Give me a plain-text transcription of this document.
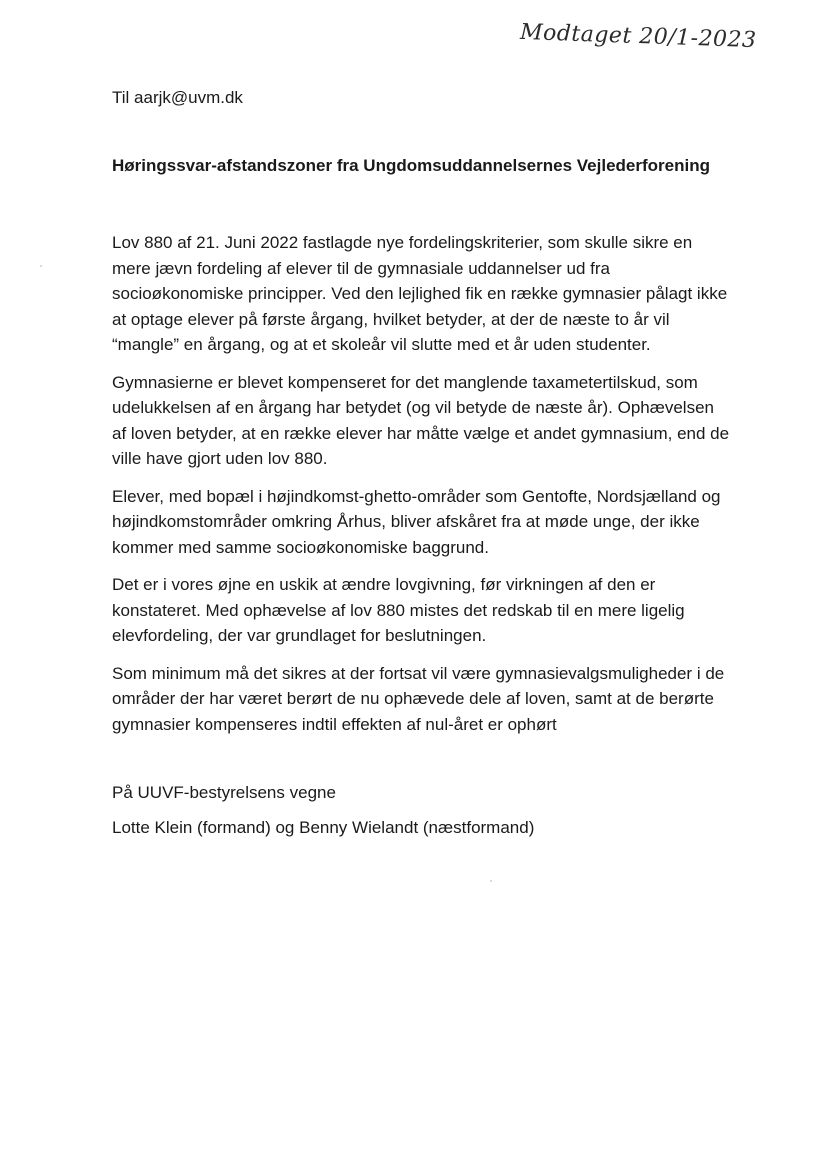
Modtaget 20/1-2023

Til aarjk@uvm.dk

Høringssvar-afstandszoner fra Ungdomsuddannelsernes Vejlederforening

Lov 880 af 21. Juni 2022 fastlagde nye fordelingskriterier, som skulle sikre en mere jævn fordeling af elever til de gymnasiale uddannelser ud fra socioøkonomiske principper. Ved den lejlighed fik en række gymnasier pålagt ikke at optage elever på første årgang, hvilket betyder, at der de næste to år vil “mangle” en årgang, og at et skoleår vil slutte med et år uden studenter.

Gymnasierne er blevet kompenseret for det manglende taxametertilskud, som udelukkelsen af en årgang har betydet (og vil betyde de næste år). Ophævelsen af loven betyder, at en række elever har måtte vælge et andet gymnasium, end de ville have gjort uden lov 880.

Elever, med bopæl i højindkomst-ghetto-områder som Gentofte, Nordsjælland og højindkomstområder omkring Århus, bliver afskåret fra at møde unge, der ikke kommer med samme socioøkonomiske baggrund.

Det er i vores øjne en uskik at ændre lovgivning, før virkningen af den er konstateret. Med ophævelse af lov 880 mistes det redskab til en mere ligelig elevfordeling, der var grundlaget for beslutningen.

Som minimum må det sikres at der fortsat vil være gymnasievalgsmuligheder i de områder der har været berørt de nu ophævede dele af loven, samt at de berørte gymnasier kompenseres indtil effekten af nul-året er ophørt

På UUVF-bestyrelsens vegne

Lotte Klein (formand) og Benny Wielandt (næstformand)
